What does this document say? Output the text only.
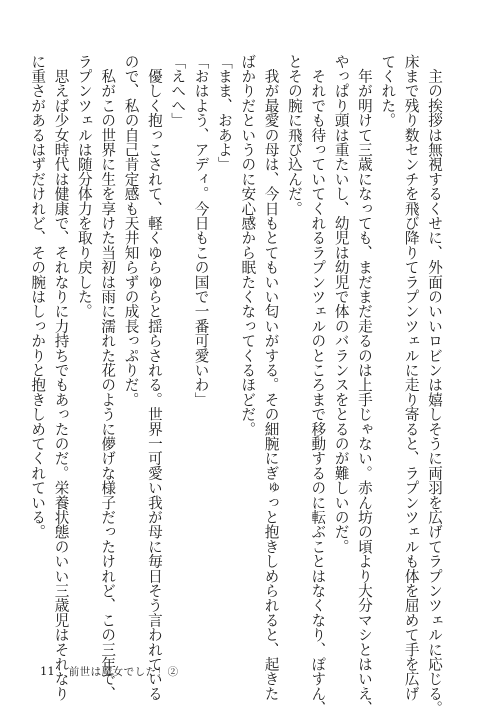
　主の挨拶は無視するくせに、外面のいいロビンは嬉しそうに両羽を広げてラプンツェルに応じる。
床まで残り数センチを飛び降りてラプンツェルに走り寄ると、ラプンツェルも体を屈めて手を広げ
てくれた。
　年が明けて三歳になっても、まだまだ走るのは上手じゃない。赤ん坊の頃より大分マシとはいえ、
やっぱり頭は重たいし、幼児は幼児で体のバランスをとるのが難しいのだ。
　それでも待っていてくれるラプンツェルのところまで移動するのに転ぶことはなくなり、ぽすん、
とその腕に飛び込んだ。
　我が最愛の母は、今日もとてもいい匂いがする。その細腕にぎゅっと抱きしめられると、起きた
ばかりだというのに安心感から眠たくなってくるほどだ。
「まま、おあよ」
「おはよう、アディ。今日もこの国で一番可愛いわ」
「えへへ」
　優しく抱っこされて、軽くゆらゆらと揺らされる。世界一可愛い我が母に毎日そう言われている
ので、私の自己肯定感も天井知らずの成長っぷりだ。
　私がこの世界に生を享けた当初は雨に濡れた花のように儚げな様子だったけれど、この三年で、
ラプンツェルは随分体力を取り戻した。
　思えば少女時代は健康で、それなりに力持ちでもあったのだ。栄養状態のいい三歳児はそれなり
に重さがあるはずだけれど、その腕はしっかりと抱きしめてくれている。
11 前世は魔女でした！②
